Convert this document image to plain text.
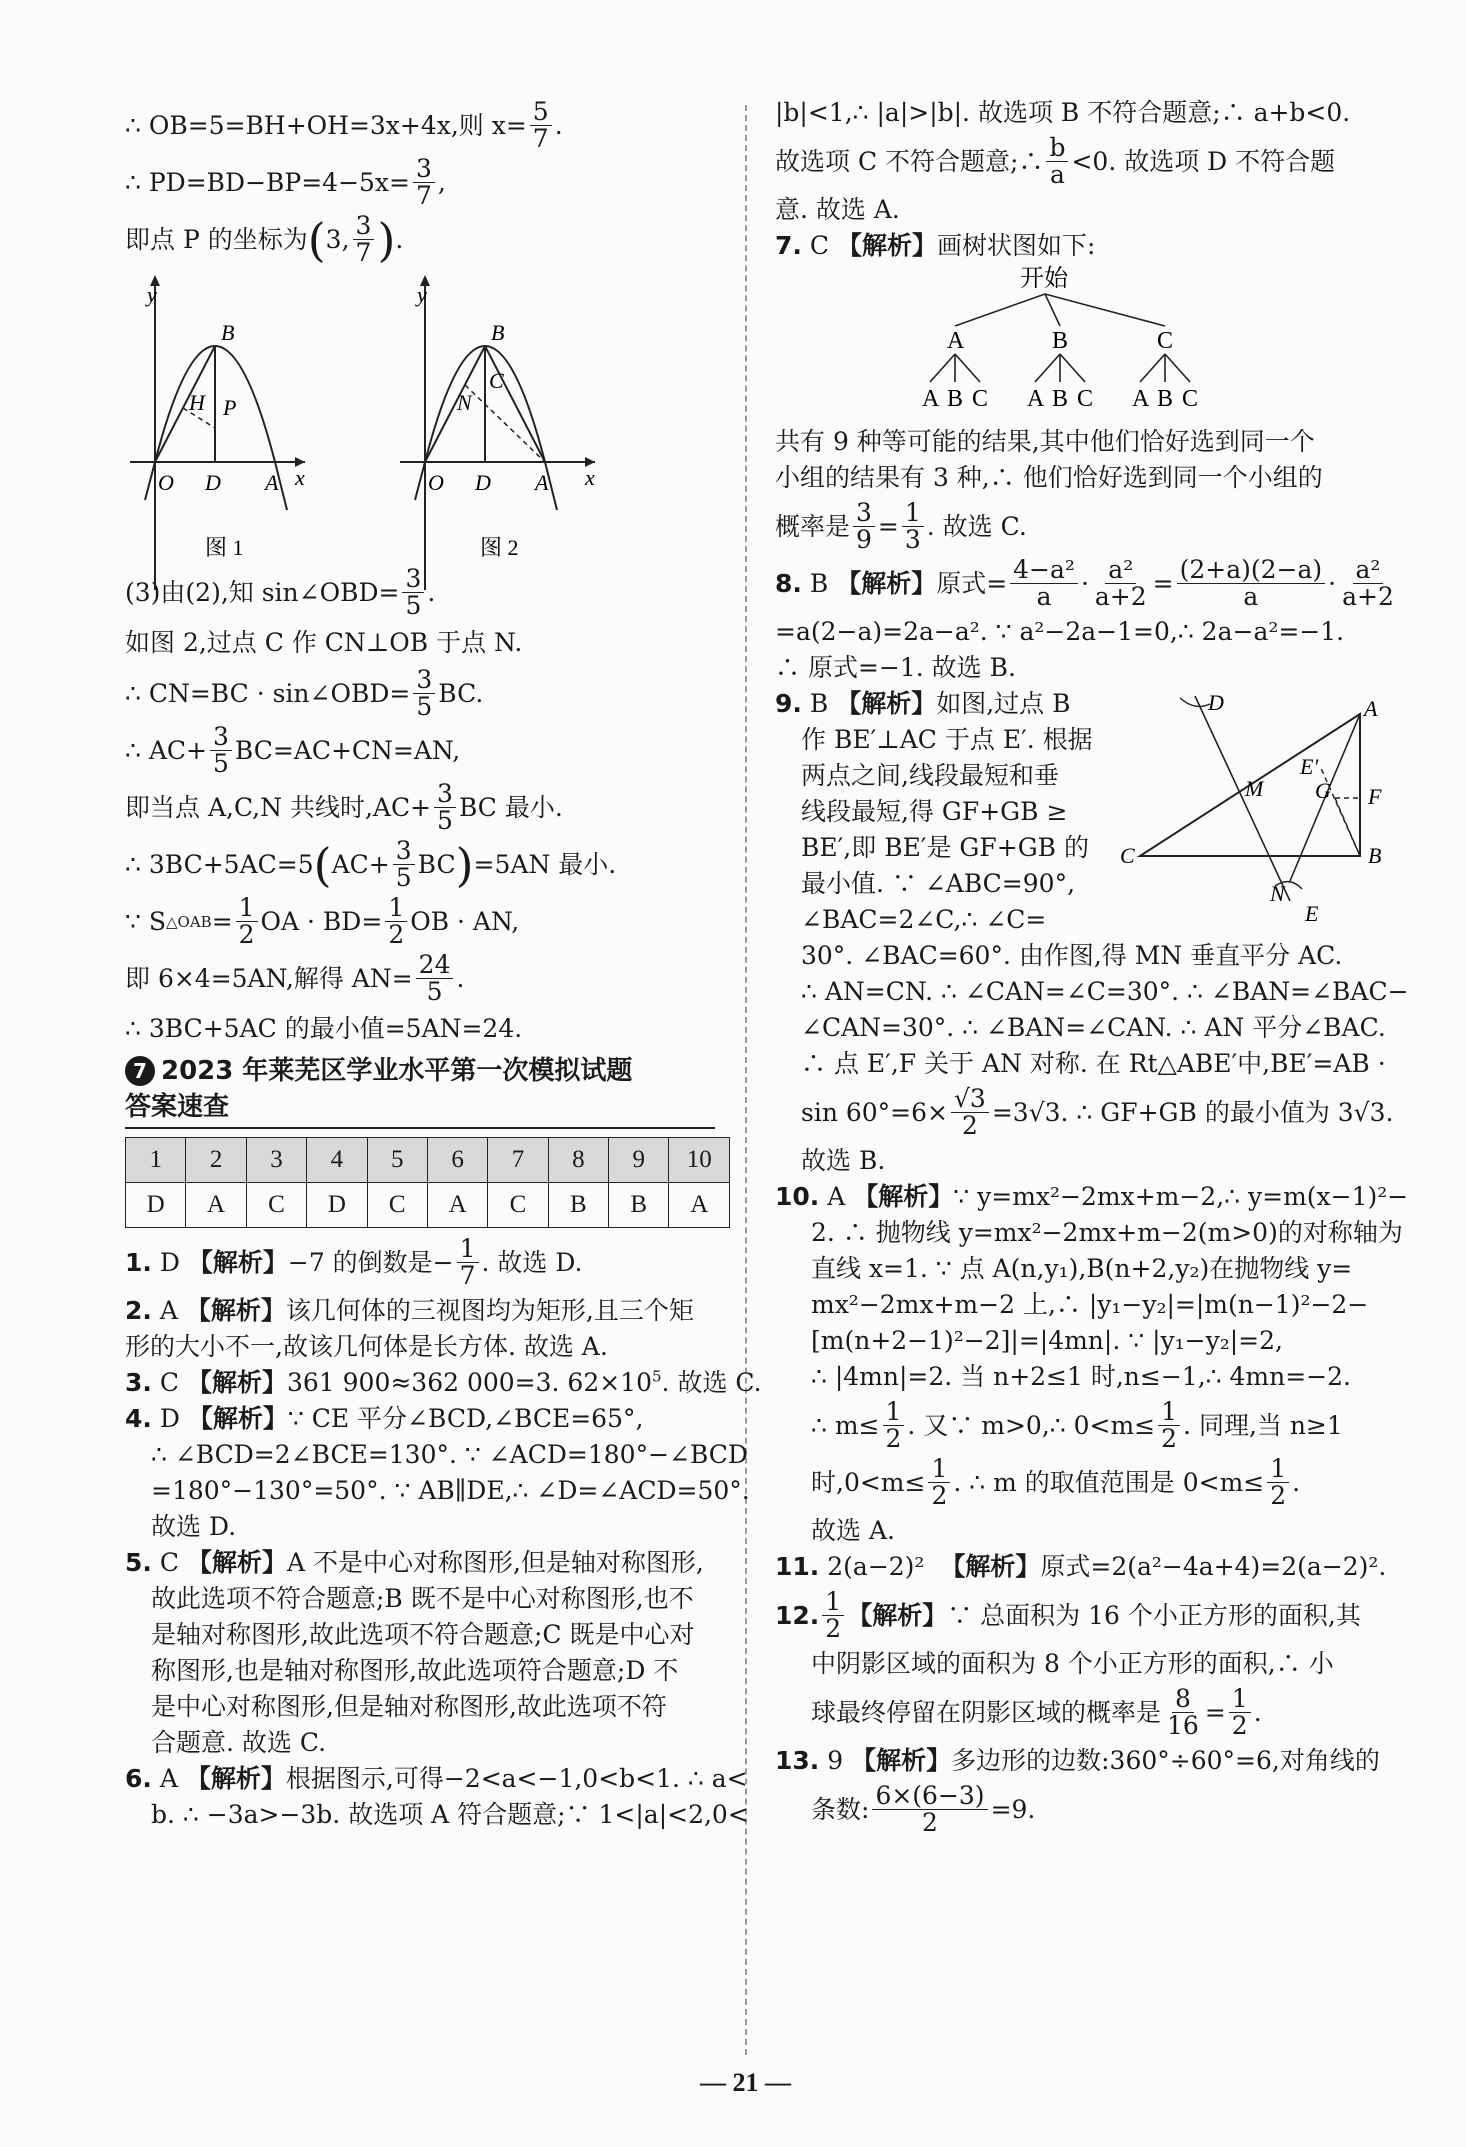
∴ OB=5=BH+OH=3x+4x,则 $x= \frac{5}{7}$ .
∴ $PD=BD-BP=4-5x= \frac{3}{7}$ ,
即点 P 的坐标为 ( 3, $\frac{3}{7}$ ) .
y
x
O D A
B
H P
y
x
O D A
B
N
C
图 1	图 2
(3)由(2),知 sin∠OBD= $\frac{3}{5}$ .
如图 2,过点 C 作 CN⊥OB 于点 N.
∴ CN=BC · sin∠OBD= $\frac{3}{5}$ BC.
∴ $AC+ \frac{3}{5} BC=AC+CN=AN$,
即当点 A,C,N 共线时$,AC+ \frac{3}{5}$ BC 最小.
∴ 3BC+5AC=5 ( $AC+ \frac{3}{5}$ BC ) =5AN 最小.
∵ S △OAB = $\frac{1}{2}$ OA · $BD= \frac{1}{2}$ OB · AN,
即 6×4=5AN,解得 $AN= \frac{24}{5}$ .
∴ 3BC+5AC 的最小值=5AN=24.
7 2023 年莱芜区学业水平第一次模拟试题
答案速查
1	2	3	4	5	6	7	8	9	10
D	A	C	D	C	A	C	B	B	A
1.
D
【解析】 −7 的倒数是− $\frac{1}{7}$ . 故选 D.
2. A 【解析】该几何体的三视图均为矩形,且三个矩
形的大小不一,故该几何体是长方体. 故选 A.
3. C 【解析】361 900≈362 000=3. $62\times 10^5$. 故选 C.
4. D 【解析】∵ CE 平分∠BCD,∠BCE=65°,
∴ ∠BCD=2∠BCE=130°. ∵ ∠ACD=180°−∠BCD
=180°−130°=50°. ∵ AB∥DE,∴ ∠D=∠ACD=50°.
故选 D.
5. C 【解析】A 不是中心对称图形,但是轴对称图形,
故此选项不符合题意;B 既不是中心对称图形,也不
是轴对称图形,故此选项不符合题意;C 既是中心对
称图形,也是轴对称图形,故此选项符合题意;D 不
是中心对称图形,但是轴对称图形,故此选项不符
合题意. 故选 C.
6. A 【解析】根据图示,可得−2<a<−1,0<b<1. ∴ a<
b. ∴ −3a>−3b. 故选项 A 符合题意;∵ 1<|a|<2,0<
|b|<1,∴ |a|>|b|. 故选项 B 不符合题意;∴ a+b<0.
故选项 C 不符合题意;∴ $\frac{b}{a} <0$. 故选项 D 不符合题
意. 故选 A.
7. C 【解析】画树状图如下:
开始
A	B	C
A B C A B C A B C
共有 9 种等可能的结果,其中他们恰好选到同一个
小组的结果有 3 种,∴ 他们恰好选到同一个小组的
概率是 $\frac{3}{9} = \frac{1}{3}$ . 故选 C.
8.
B
【解析】 原式= $\frac{\text{4−a²}}{a} \cdot \frac{\text{a²}}{a+2} = \frac{(2+a)(2-a)}{a} \cdot \frac{\text{a²}}{a+2}$
=a(2−a)=2a−a². ∵ a²−2a−1=0,∴ 2a−a²=−1.
∴ 原式=−1. 故选 B.
D	A
E′
M G F
C	B
N
E
9. B 【解析】如图,过点 B
作 BE′⊥AC 于点 E′. 根据
两点之间,线段最短和垂
线段最短,得 GF+GB ≥
BE′,即 BE′是 GF+GB 的
最小值. ∵ ∠ABC=90°,
∠BAC=2∠C,∴ ∠C=
30°. ∠BAC=60°. 由作图,得 MN 垂直平分 AC.
∴ AN=CN. ∴ ∠CAN=∠C=30°. ∴ ∠BAN=∠BAC−
∠CAN=30°. ∴ ∠BAN=∠CAN. ∴ AN 平分∠BAC.
∴ 点 E′,F 关于 AN 对称. 在 Rt△ABE′中,BE′=AB ·
$\sin 60^\circ=6\times \frac{√3}{2} =3√3$. ∴ GF+GB 的最小值为 3√3.
故选 B.
10. A 【解析】∵ y=mx²−2mx+m−2,∴ y=m(x−1)²−
2. ∴ 抛物线 y=mx²−2mx+m−2(m>0)的对称轴为
直线 x=1. ∵ 点 A(n,y₁),B(n+2,y₂)在抛物线 y=
mx²−2mx+m−2 上,∴ |y₁−y₂|=|m(n−1)²−2−
[m(n+2−1)²−2]|=|4mn|. ∵ |y₁−y₂|=2,
∴ |4mn|=2. 当 n+2≤1 时,n≤−1,∴ 4mn=−2.
∴ $m\le \frac{1}{2}$ . 又∵ m>0,∴ $0<m\le \frac{1}{2}$ . 同理,当 n≥1
时$,0<m\le \frac{1}{2}$ . ∴ m 的取值范围是 $0<m\le \frac{1}{2}$ .
故选 A.
11. 2(a−2)² 【解析】原式=2(a²−4a+4)=2(a−2)².
12. $\frac{1}{2}$ 【解析】 ∵ 总面积为 16 个小正方形的面积,其
中阴影区域的面积为 8 个小正方形的面积,∴ 小
球最终停留在阴影区域的概率是 $\frac{8}{16} = \frac{1}{2}$ .
13. 9 【解析】多边形的边数:360°÷60°=6,对角线的
条数: $\frac{6\times(6-3)}{2} =9$.
— 21 —
